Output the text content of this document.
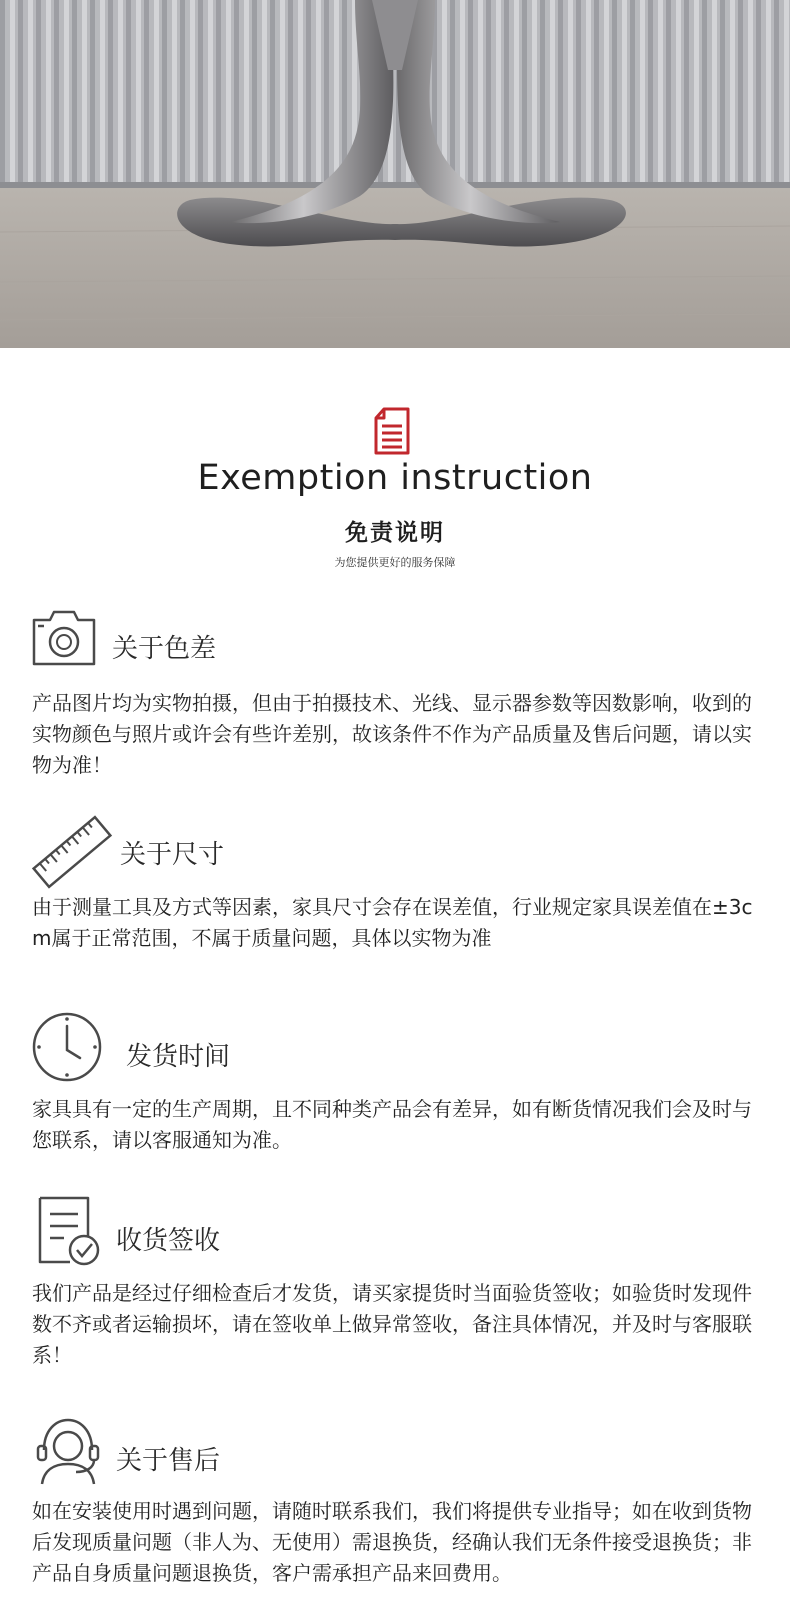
Exemption instruction
免责说明
为您提供更好的服务保障
关于色差

产品图片均为实物拍摄，但由于拍摄技术、光线、显示器参数等因数影响，收到的实物颜色与照片或许会有些许差别，故该条件不作为产品质量及售后问题，请以实物为准！

关于尺寸

由于测量工具及方式等因素，家具尺寸会存在误差值，行业规定家具误差值在±3cm属于正常范围，不属于质量问题，具体以实物为准

发货时间

家具具有一定的生产周期，且不同种类产品会有差异，如有断货情况我们会及时与您联系，请以客服通知为准。

收货签收

我们产品是经过仔细检查后才发货，请买家提货时当面验货签收；如验货时发现件数不齐或者运输损坏，请在签收单上做异常签收，备注具体情况，并及时与客服联系！

关于售后

如在安装使用时遇到问题，请随时联系我们，我们将提供专业指导；如在收到货物后发现质量问题（非人为、无使用）需退换货，经确认我们无条件接受退换货；非产品自身质量问题退换货，客户需承担产品来回费用。
